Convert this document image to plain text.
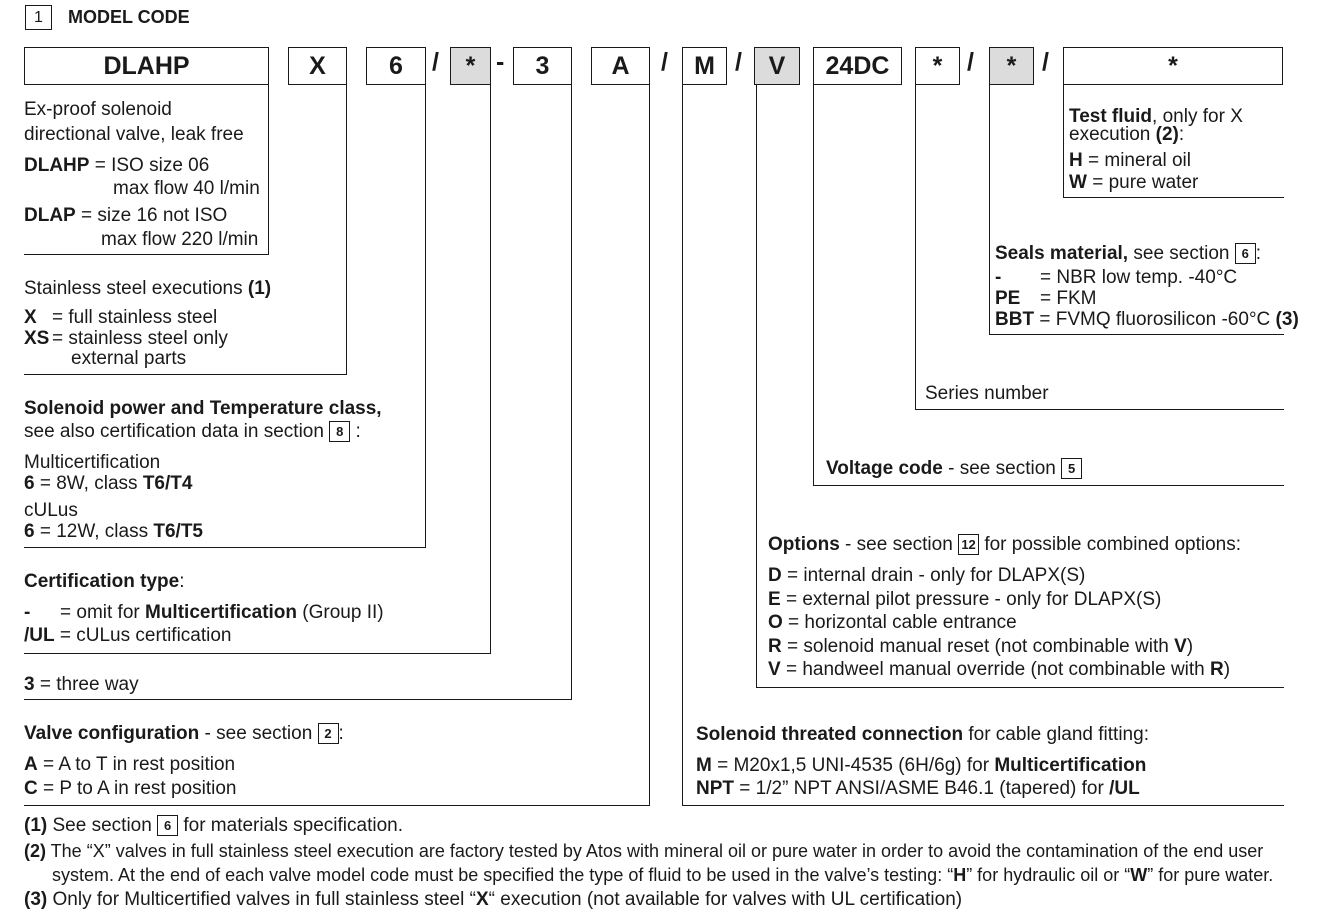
1	MODEL CODE
DLAHP	X	6	/	* -	3	A	/	M /	V	24DC	* /	*	/	*
Ex-proof solenoid
directional valve, leak free
DLAHP = ISO size 06
max flow 40 l/min
DLAP = size 16 not ISO
max flow 220 l/min
Stainless steel executions (1)
X = full stainless steel
XS = stainless steel only
external parts
Solenoid power and Temperature class,
see also certification data in section 8 :
Multicertification
6 = 8W, class T6/T4
cULus
6 = 12W, class T6/T5
Certification type:
- = omit for Multicertification (Group II)
/UL = cULus certification
3 = three way
Valve configuration - see section 2 :
A = A to T in rest position
C = P to A in rest position
Test fluid, only for X
execution (2):
H = mineral oil
W = pure water
Seals material, see section 6 :
- = NBR low temp. -40°C
PE = FKM
BBT = FVMQ fluorosilicon -60°C (3)
Series number
Voltage code - see section 5
Options - see section 12 for possible combined options:
D = internal drain - only for DLAPX(S)
E = external pilot pressure - only for DLAPX(S)
O = horizontal cable entrance
R = solenoid manual reset (not combinable with V)
V = handweel manual override (not combinable with R)
Solenoid threated connection for cable gland fitting:
M = M20x1,5 UNI-4535 (6H/6g) for Multicertification
NPT = 1/2” NPT ANSI/ASME B46.1 (tapered) for /UL
(1) See section 6 for materials specification.
(2) The “X” valves in full stainless steel execution are factory tested by Atos with mineral oil or pure water in order to avoid the contamination of the end user
system. At the end of each valve model code must be specified the type of fluid to be used in the valve’s testing: “H” for hydraulic oil or “W” for pure water.
(3) Only for Multicertified valves in full stainless steel “X“ execution (not available for valves with UL certification)
